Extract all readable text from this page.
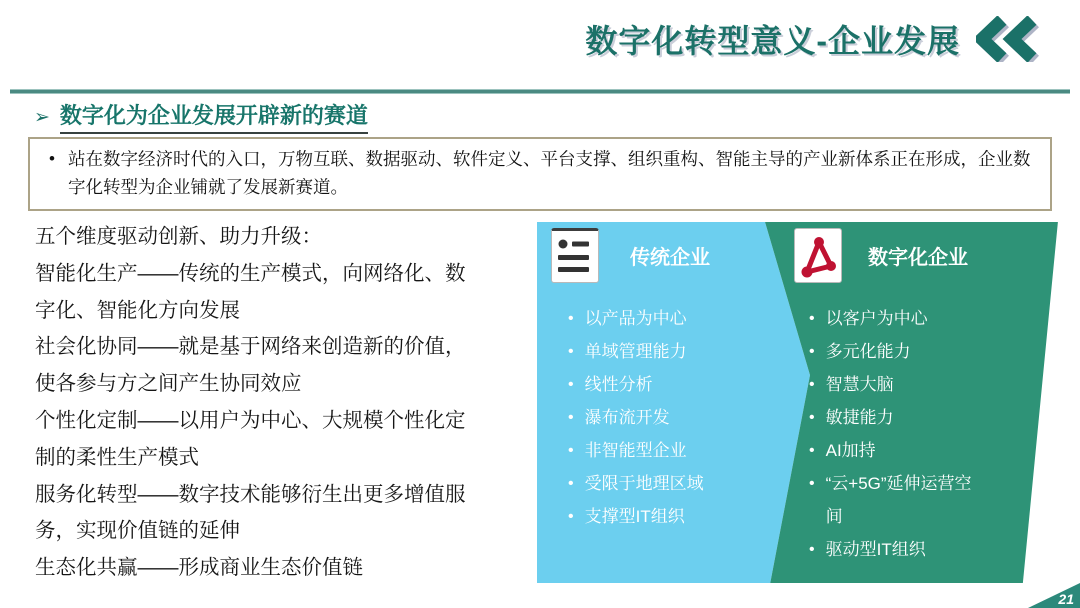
数字化转型意义-企业发展
➢ 数字化为企业发展开辟新的赛道
• 站在数字经济时代的入口，万物互联、数据驱动、软件定义、平台支撑、组织重构、智能主导的产业新体系正在形成，企业数字化转型为企业铺就了发展新赛道。
五个维度驱动创新、助力升级：
智能化生产——传统的生产模式，向网络化、数
字化、智能化方向发展
社会化协同——就是基于网络来创造新的价值，
使各参与方之间产生协同效应
个性化定制——以用户为中心、大规模个性化定
制的柔性生产模式
服务化转型——数字技术能够衍生出更多增值服
务，实现价值链的延伸
生态化共赢——形成商业生态价值链
传统企业	数字化企业
• 以产品为中心
• 单域管理能力
• 线性分析
• 瀑布流开发
• 非智能型企业
• 受限于地理区域
• 支撑型IT组织
• 以客户为中心
• 多元化能力
• 智慧大脑
• 敏捷能力
• AI加持
• “云+5G”延伸运营空间
• 驱动型IT组织
21
